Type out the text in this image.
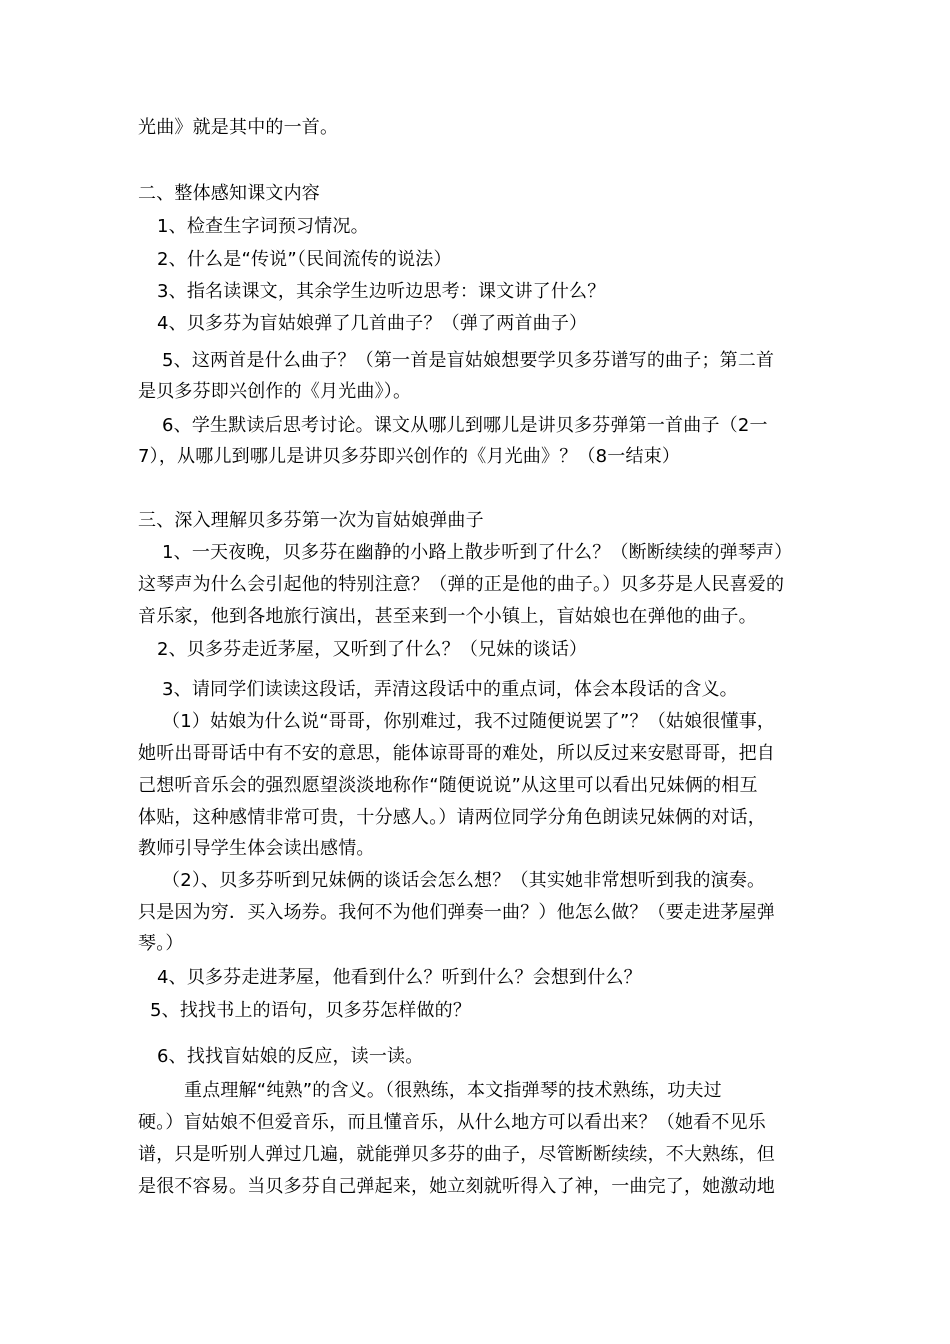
光曲》就是其中的一首。
二、整体感知课文内容
1、检查生字词预习情况。
2、什么是“传说”（民间流传的说法）
3、指名读课文，其余学生边听边思考：课文讲了什么？
4、贝多芬为盲姑娘弹了几首曲子？（弹了两首曲子）
5、这两首是什么曲子？（第一首是盲姑娘想要学贝多芬谱写的曲子；第二首
是贝多芬即兴创作的《月光曲》）。
6、学生默读后思考讨论。课文从哪儿到哪儿是讲贝多芬弹第一首曲子（2一
7），从哪儿到哪儿是讲贝多芬即兴创作的《月光曲》？（8一结束）
三、深入理解贝多芬第一次为盲姑娘弹曲子
1、一天夜晚，贝多芬在幽静的小路上散步听到了什么？（断断续续的弹琴声）
这琴声为什么会引起他的特别注意？（弹的正是他的曲子。）贝多芬是人民喜爱的
音乐家，他到各地旅行演出，甚至来到一个小镇上，盲姑娘也在弹他的曲子。
2、贝多芬走近茅屋，又听到了什么？（兄妹的谈话）
3、请同学们读读这段话，弄清这段话中的重点词，体会本段话的含义。
（1）姑娘为什么说“哥哥，你别难过，我不过随便说罢了”？（姑娘很懂事，
她听出哥哥话中有不安的意思，能体谅哥哥的难处，所以反过来安慰哥哥，把自
己想听音乐会的强烈愿望淡淡地称作“随便说说”从这里可以看出兄妹俩的相互
体贴，这种感情非常可贵，十分感人。）请两位同学分角色朗读兄妹俩的对话，
教师引导学生体会读出感情。
（2）、贝多芬听到兄妹俩的谈话会怎么想？（其实她非常想听到我的演奏。
只是因为穷．买入场券。我何不为他们弹奏一曲？）他怎么做？（要走进茅屋弹
琴。）
4、贝多芬走进茅屋，他看到什么？听到什么？会想到什么？
5、找找书上的语句，贝多芬怎样做的？
6、找找盲姑娘的反应，读一读。
重点理解“纯熟”的含义。（很熟练，本文指弹琴的技术熟练，功夫过
硬。）盲姑娘不但爱音乐，而且懂音乐，从什么地方可以看出来？（她看不见乐
谱，只是听别人弹过几遍，就能弹贝多芬的曲子，尽管断断续续，不大熟练，但
是很不容易。当贝多芬自己弹起来，她立刻就听得入了神，一曲完了，她激动地
